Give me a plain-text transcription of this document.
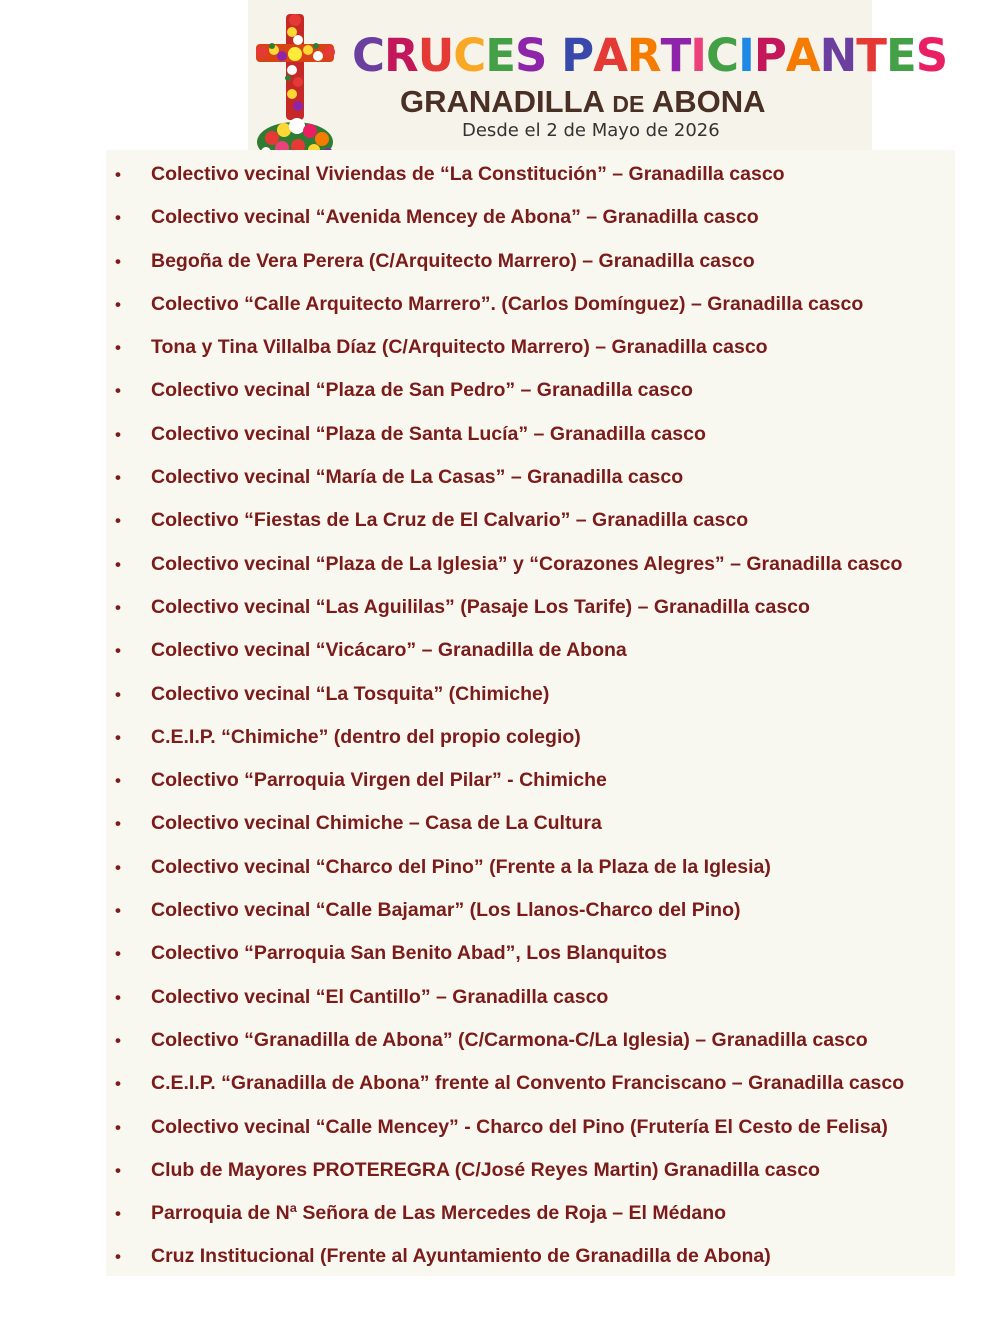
CRUCES PARTICIPANTES
GRANADILLA DE ABONA
Desde el 2 de Mayo de 2026
• Colectivo vecinal Viviendas de “La Constitución” – Granadilla casco
• Colectivo vecinal “Avenida Mencey de Abona” – Granadilla casco
• Begoña de Vera Perera (C/Arquitecto Marrero) – Granadilla casco
• Colectivo “Calle Arquitecto Marrero”. (Carlos Domínguez) – Granadilla casco
• Tona y Tina Villalba Díaz (C/Arquitecto Marrero) – Granadilla casco
• Colectivo vecinal “Plaza de San Pedro” – Granadilla casco
• Colectivo vecinal “Plaza de Santa Lucía” – Granadilla casco
• Colectivo vecinal “María de La Casas” – Granadilla casco
• Colectivo “Fiestas de La Cruz de El Calvario” – Granadilla casco
• Colectivo vecinal “Plaza de La Iglesia” y “Corazones Alegres” – Granadilla casco
• Colectivo vecinal “Las Aguililas” (Pasaje Los Tarife) – Granadilla casco
• Colectivo vecinal “Vicácaro” – Granadilla de Abona
• Colectivo vecinal “La Tosquita” (Chimiche)
• C.E.I.P. “Chimiche” (dentro del propio colegio)
• Colectivo “Parroquia Virgen del Pilar” - Chimiche
• Colectivo vecinal Chimiche – Casa de La Cultura
• Colectivo vecinal “Charco del Pino” (Frente a la Plaza de la Iglesia)
• Colectivo vecinal “Calle Bajamar” (Los Llanos-Charco del Pino)
• Colectivo “Parroquia San Benito Abad”, Los Blanquitos
• Colectivo vecinal “El Cantillo” – Granadilla casco
• Colectivo “Granadilla de Abona” (C/Carmona-C/La Iglesia) – Granadilla casco
• C.E.I.P. “Granadilla de Abona” frente al Convento Franciscano – Granadilla casco
• Colectivo vecinal “Calle Mencey” - Charco del Pino (Frutería El Cesto de Felisa)
• Club de Mayores PROTEREGRA (C/José Reyes Martin) Granadilla casco
• Parroquia de Nª Señora de Las Mercedes de Roja – El Médano
• Cruz Institucional (Frente al Ayuntamiento de Granadilla de Abona)
